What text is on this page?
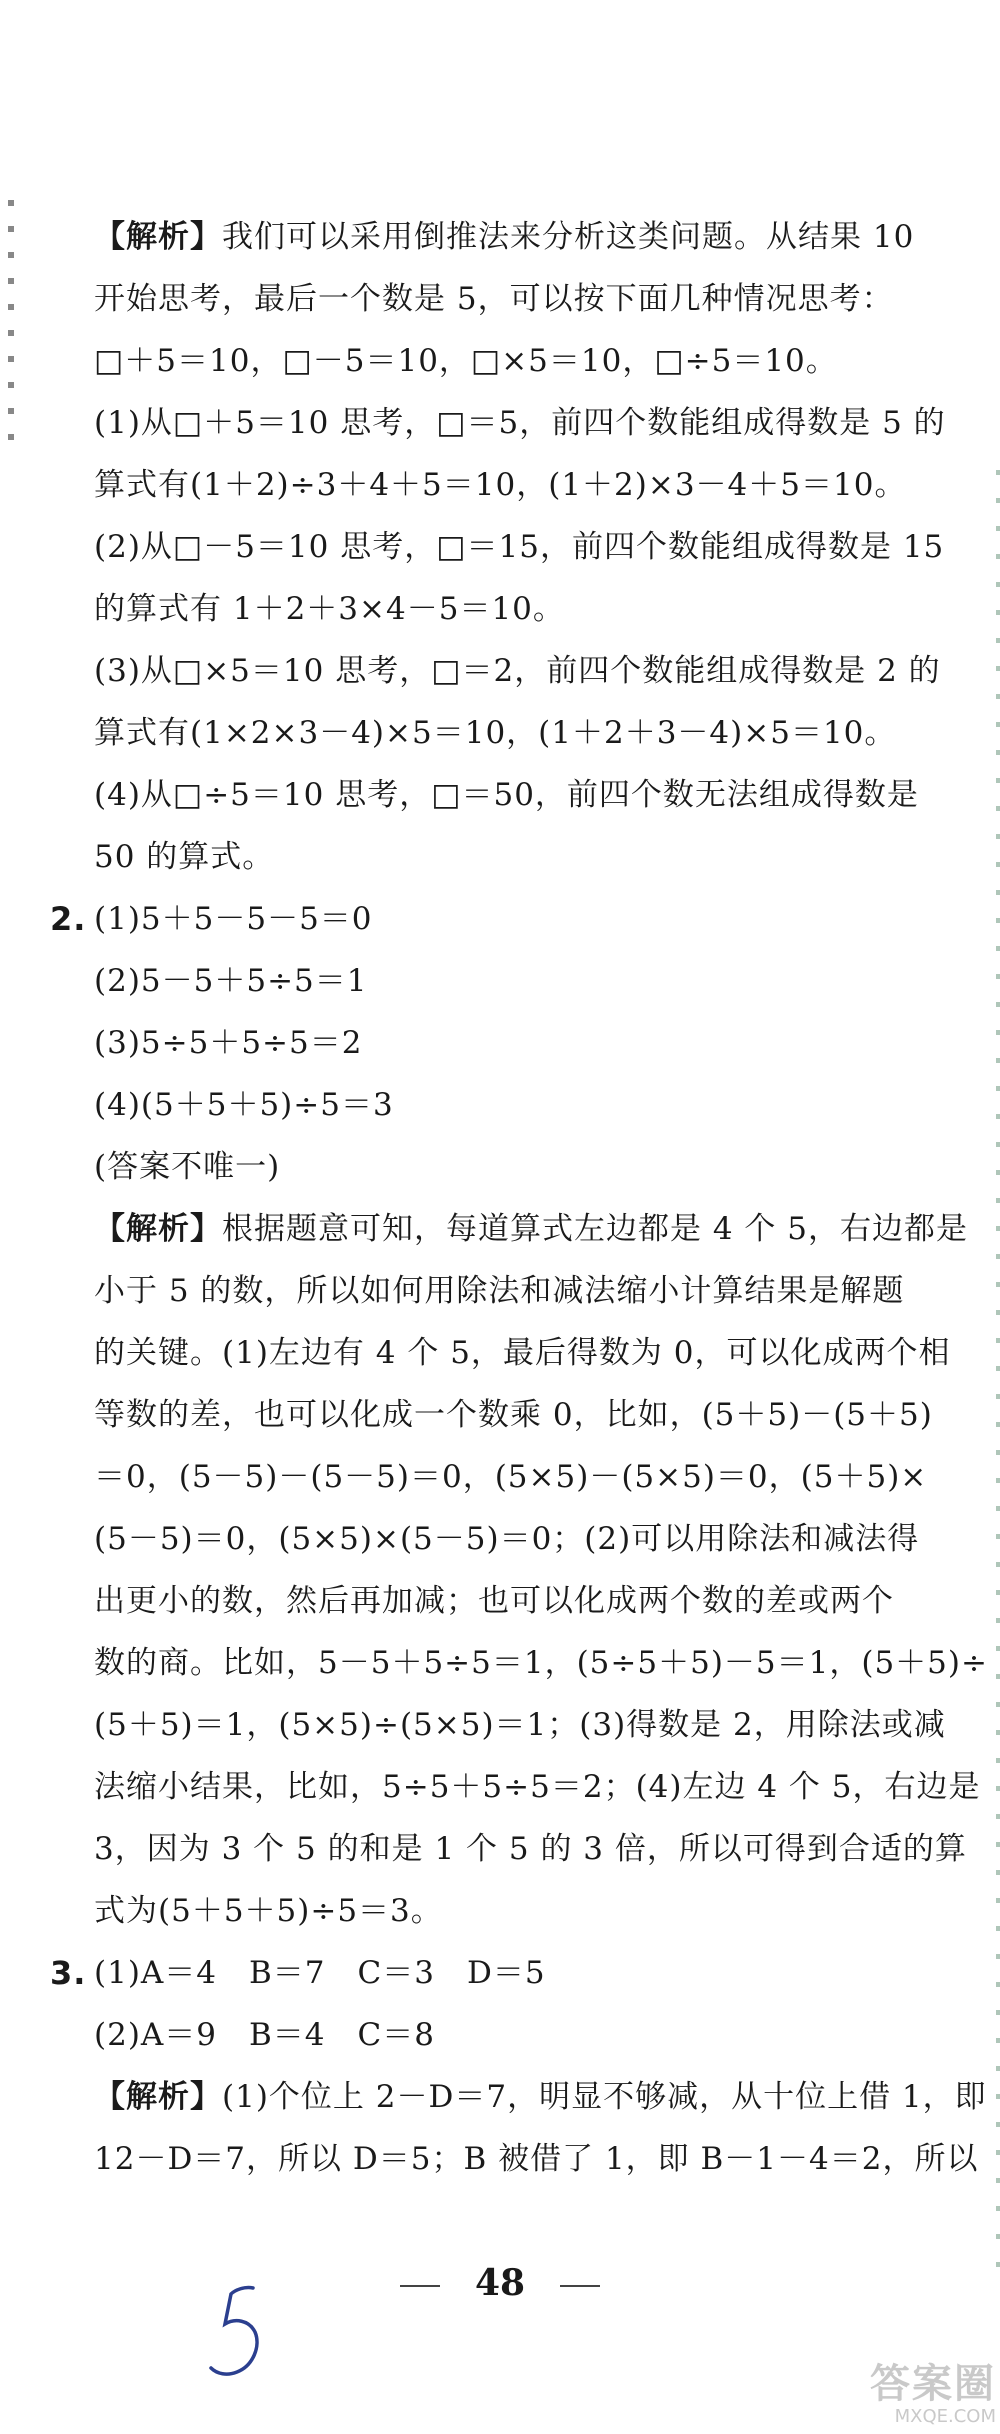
【解析】我们可以采用倒推法来分析这类问题。从结果 10
开始思考，最后一个数是 5，可以按下面几种情况思考：
□＋5＝10，□－5＝10，□×5＝10，□÷5＝10。
(1)从□＋5＝10 思考，□＝5，前四个数能组成得数是 5 的
算式有(1＋2)÷3＋4＋5＝10，(1＋2)×3－4＋5＝10。
(2)从□－5＝10 思考，□＝15，前四个数能组成得数是 15
的算式有 1＋2＋3×4－5＝10。
(3)从□×5＝10 思考，□＝2，前四个数能组成得数是 2 的
算式有(1×2×3－4)×5＝10，(1＋2＋3－4)×5＝10。
(4)从□÷5＝10 思考，□＝50，前四个数无法组成得数是
50 的算式。
2. (1)5＋5－5－5＝0
(2)5－5＋5÷5＝1
(3)5÷5＋5÷5＝2
(4)(5＋5＋5)÷5＝3
(答案不唯一)
【解析】根据题意可知，每道算式左边都是 4 个 5，右边都是
小于 5 的数，所以如何用除法和减法缩小计算结果是解题
的关键。(1)左边有 4 个 5，最后得数为 0，可以化成两个相
等数的差，也可以化成一个数乘 0，比如，(5＋5)－(5＋5)
＝0，(5－5)－(5－5)＝0，(5×5)－(5×5)＝0，(5＋5)×
(5－5)＝0，(5×5)×(5－5)＝0；(2)可以用除法和减法得
出更小的数，然后再加减；也可以化成两个数的差或两个
数的商。比如，5－5＋5÷5＝1，(5÷5＋5)－5＝1，(5＋5)÷
(5＋5)＝1，(5×5)÷(5×5)＝1；(3)得数是 2，用除法或减
法缩小结果，比如，5÷5＋5÷5＝2；(4)左边 4 个 5，右边是
3，因为 3 个 5 的和是 1 个 5 的 3 倍，所以可得到合适的算
式为(5＋5＋5)÷5＝3。
3. (1)A＝4　B＝7　C＝3　D＝5
(2)A＝9　B＝4　C＝8
【解析】(1)个位上 2－D＝7，明显不够减，从十位上借 1，即
12－D＝7，所以 D＝5；B 被借了 1，即 B－1－4＝2，所以
48
答案圈
MXQE.COM
